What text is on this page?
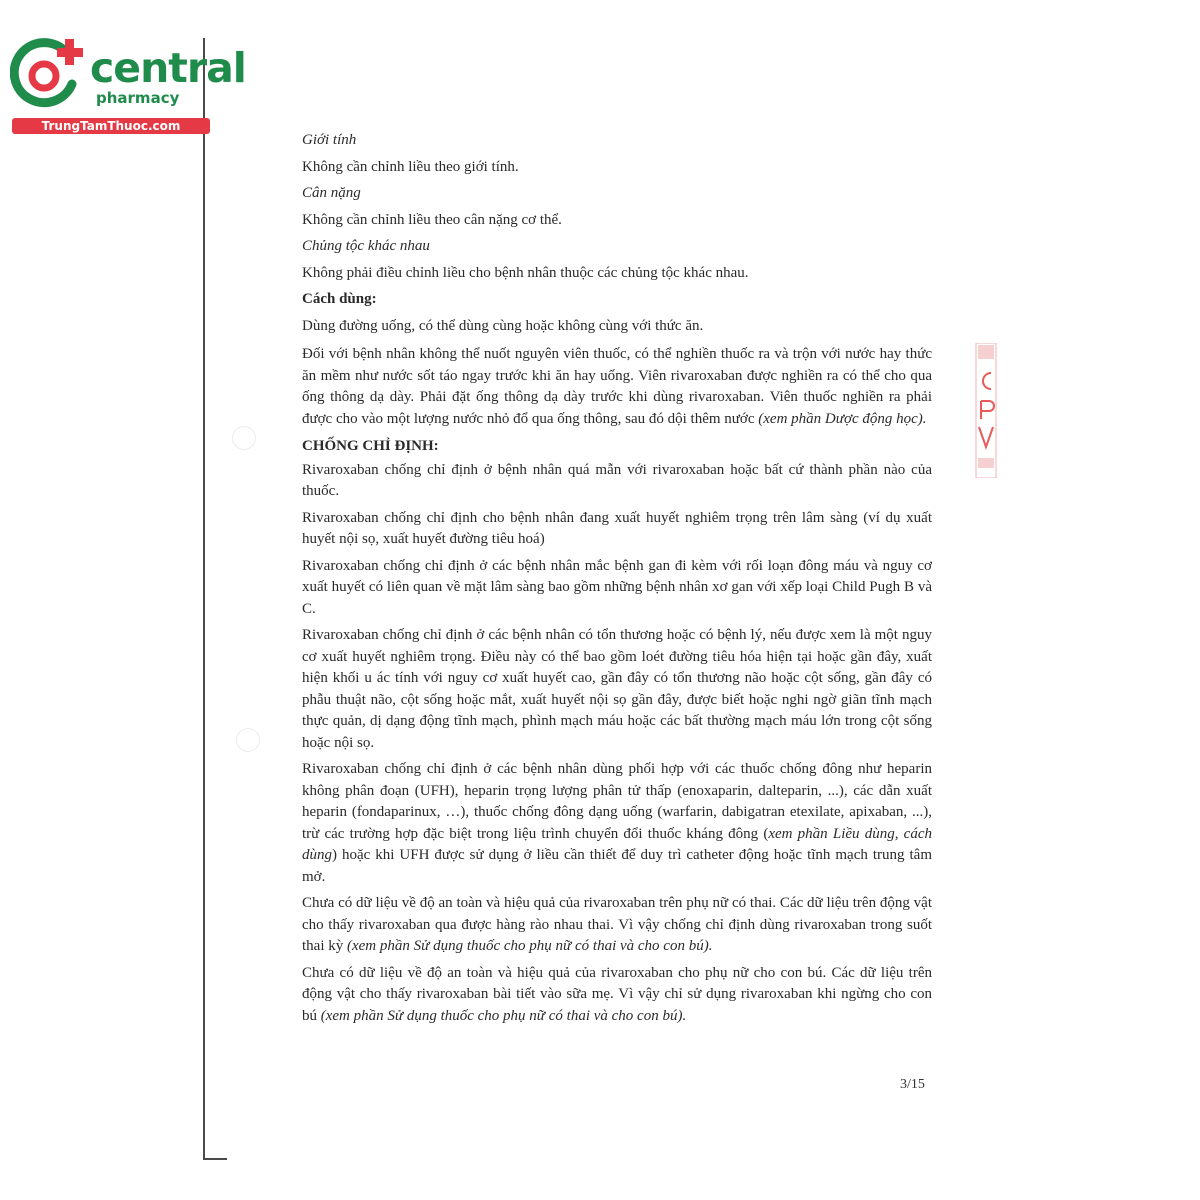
central
pharmacy
TrungTamThuoc.com

Giới tính

Không cần chỉnh liều theo giới tính.

Cân nặng

Không cần chỉnh liều theo cân nặng cơ thể.

Chủng tộc khác nhau

Không phải điều chỉnh liều cho bệnh nhân thuộc các chủng tộc khác nhau.

Cách dùng:

Dùng đường uống, có thể dùng cùng hoặc không cùng với thức ăn.

Đối với bệnh nhân không thể nuốt nguyên viên thuốc, có thể nghiền thuốc ra và trộn với nước hay thức ăn mềm như nước sốt táo ngay trước khi ăn hay uống. Viên rivaroxaban được nghiền ra có thể cho qua ống thông dạ dày. Phải đặt ống thông dạ dày trước khi dùng rivaroxaban. Viên thuốc nghiền ra phải được cho vào một lượng nước nhỏ đổ qua ống thông, sau đó dội thêm nước (xem phần Dược động học).

CHỐNG CHỈ ĐỊNH:

Rivaroxaban chống chỉ định ở bệnh nhân quá mẫn với rivaroxaban hoặc bất cứ thành phần nào của thuốc.

Rivaroxaban chống chỉ định cho bệnh nhân đang xuất huyết nghiêm trọng trên lâm sàng (ví dụ xuất huyết nội sọ, xuất huyết đường tiêu hoá)

Rivaroxaban chống chỉ định ở các bệnh nhân mắc bệnh gan đi kèm với rối loạn đông máu và nguy cơ xuất huyết có liên quan về mặt lâm sàng bao gồm những bệnh nhân xơ gan với xếp loại Child Pugh B và C.

Rivaroxaban chống chỉ định ở các bệnh nhân có tổn thương hoặc có bệnh lý, nếu được xem là một nguy cơ xuất huyết nghiêm trọng. Điều này có thể bao gồm loét đường tiêu hóa hiện tại hoặc gần đây, xuất hiện khối u ác tính với nguy cơ xuất huyết cao, gần đây có tổn thương não hoặc cột sống, gần đây có phẫu thuật não, cột sống hoặc mắt, xuất huyết nội sọ gần đây, được biết hoặc nghi ngờ giãn tĩnh mạch thực quản, dị dạng động tĩnh mạch, phình mạch máu hoặc các bất thường mạch máu lớn trong cột sống hoặc nội sọ.

Rivaroxaban chống chỉ định ở các bệnh nhân dùng phối hợp với các thuốc chống đông như heparin không phân đoạn (UFH), heparin trọng lượng phân tử thấp (enoxaparin, dalteparin, ...), các dẫn xuất heparin (fondaparinux, …), thuốc chống đông dạng uống (warfarin, dabigatran etexilate, apixaban, ...), trừ các trường hợp đặc biệt trong liệu trình chuyển đổi thuốc kháng đông (xem phần Liều dùng, cách dùng) hoặc khi UFH được sử dụng ở liều cần thiết để duy trì catheter động hoặc tĩnh mạch trung tâm mở.

Chưa có dữ liệu về độ an toàn và hiệu quả của rivaroxaban trên phụ nữ có thai. Các dữ liệu trên động vật cho thấy rivaroxaban qua được hàng rào nhau thai. Vì vậy chống chỉ định dùng rivaroxaban trong suốt thai kỳ (xem phần Sử dụng thuốc cho phụ nữ có thai và cho con bú).

Chưa có dữ liệu về độ an toàn và hiệu quả của rivaroxaban cho phụ nữ cho con bú. Các dữ liệu trên động vật cho thấy rivaroxaban bài tiết vào sữa mẹ. Vì vậy chỉ sử dụng rivaroxaban khi ngừng cho con bú (xem phần Sử dụng thuốc cho phụ nữ có thai và cho con bú).

3/15
